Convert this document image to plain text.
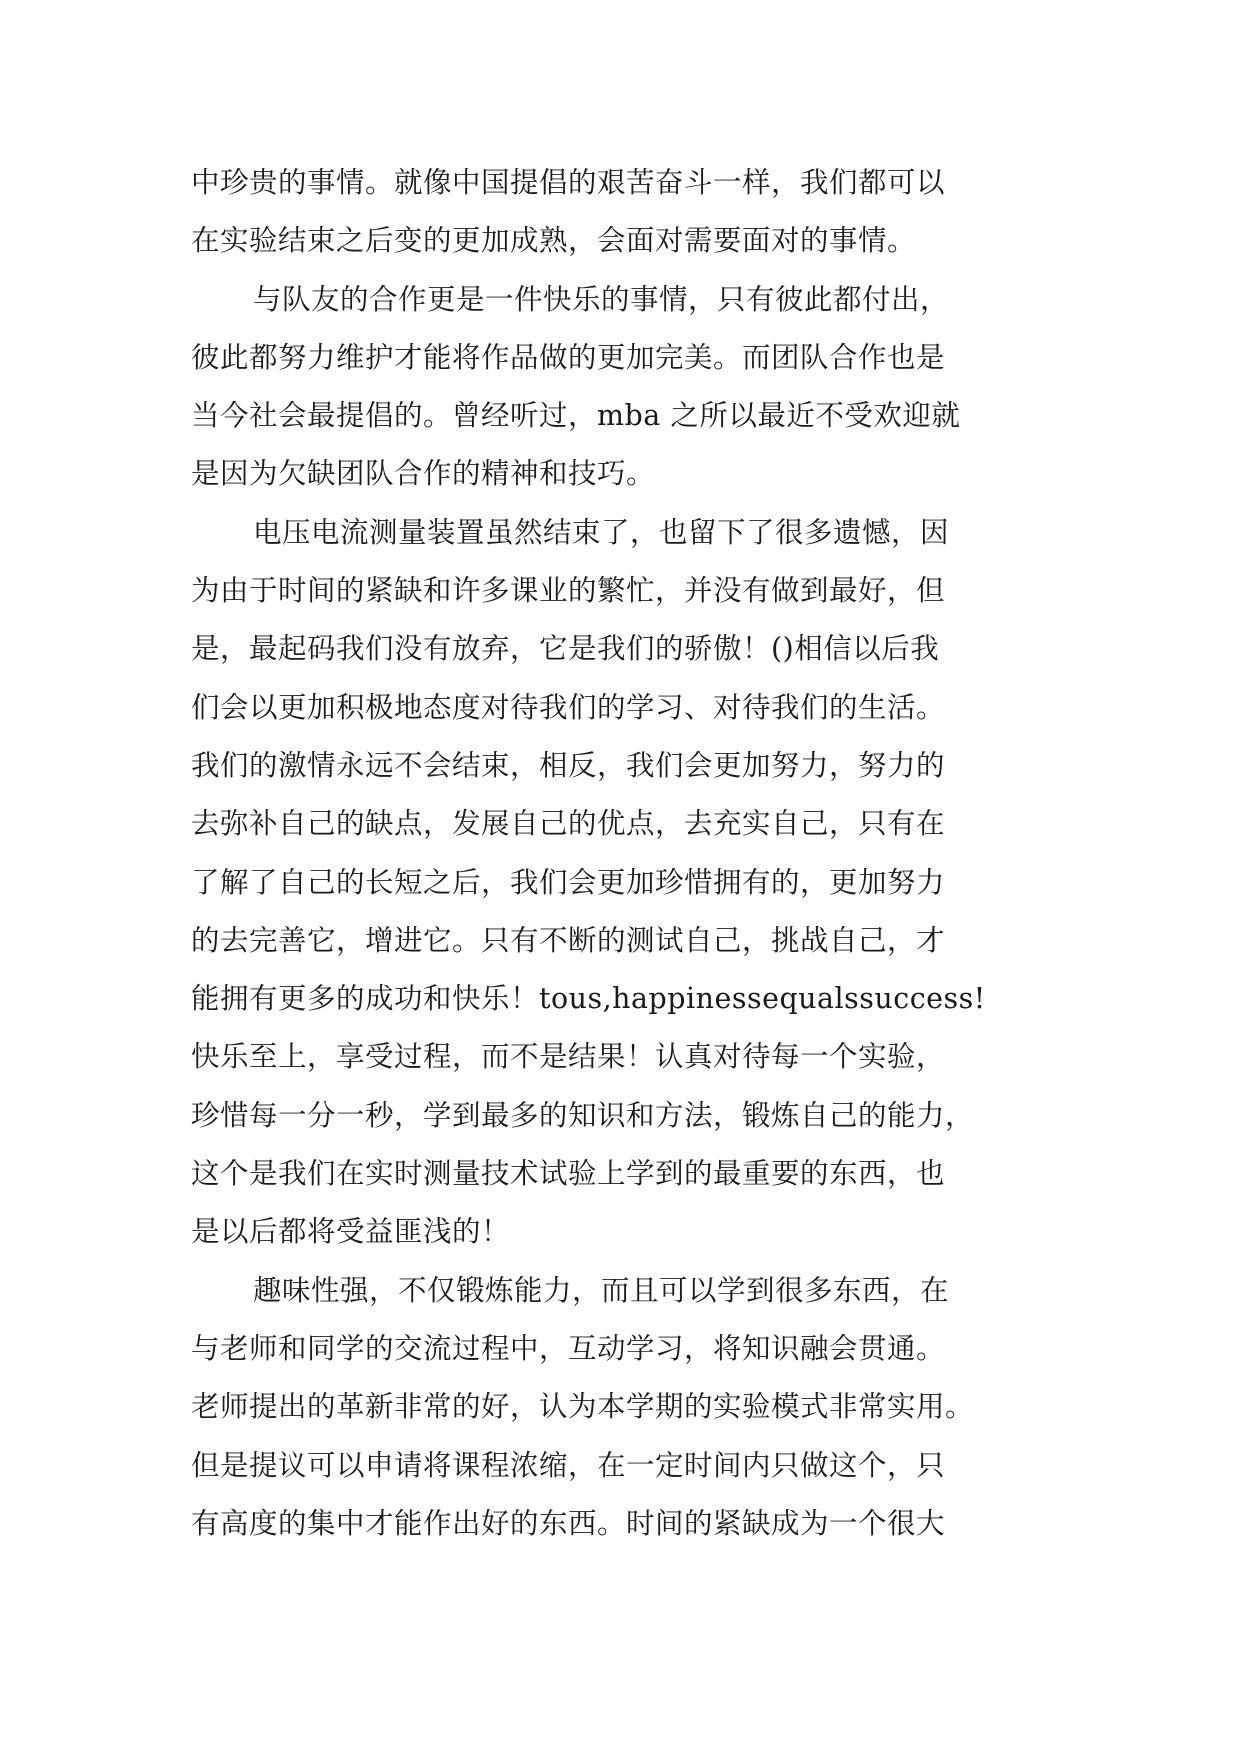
中珍贵的事情。就像中国提倡的艰苦奋斗一样，我们都可以
在实验结束之后变的更加成熟，会面对需要面对的事情。
与队友的合作更是一件快乐的事情，只有彼此都付出，
彼此都努力维护才能将作品做的更加完美。而团队合作也是
当今社会最提倡的。曾经听过，mba 之所以最近不受欢迎就
是因为欠缺团队合作的精神和技巧。
电压电流测量装置虽然结束了，也留下了很多遗憾，因
为由于时间的紧缺和许多课业的繁忙，并没有做到最好，但
是，最起码我们没有放弃，它是我们的骄傲！()相信以后我
们会以更加积极地态度对待我们的学习、对待我们的生活。
我们的激情永远不会结束，相反，我们会更加努力，努力的
去弥补自己的缺点，发展自己的优点，去充实自己，只有在
了解了自己的长短之后，我们会更加珍惜拥有的，更加努力
的去完善它，增进它。只有不断的测试自己，挑战自己，才
能拥有更多的成功和快乐！tous,happinessequalssuccess!
快乐至上，享受过程，而不是结果！认真对待每一个实验，
珍惜每一分一秒，学到最多的知识和方法，锻炼自己的能力，
这个是我们在实时测量技术试验上学到的最重要的东西，也
是以后都将受益匪浅的！
趣味性强，不仅锻炼能力，而且可以学到很多东西，在
与老师和同学的交流过程中，互动学习，将知识融会贯通。
老师提出的革新非常的好，认为本学期的实验模式非常实用。
但是提议可以申请将课程浓缩，在一定时间内只做这个，只
有高度的集中才能作出好的东西。时间的紧缺成为一个很大
